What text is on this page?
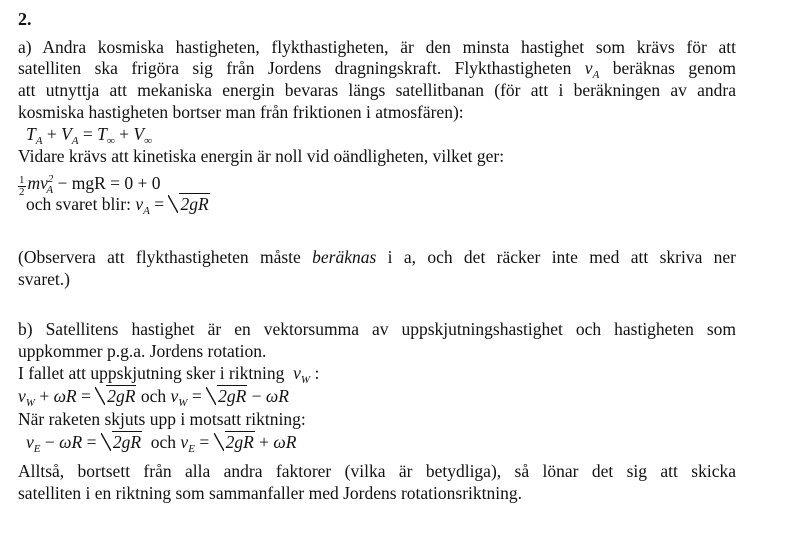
2.
a) Andra kosmiska hastigheten, flykthastigheten, är den minsta hastighet som krävs för att
satelliten ska frigöra sig från Jordens dragningskraft. Flykthastigheten $v_A$ beräknas genom
att utnyttja att mekaniska energin bevaras längs satellitbanan (för att i beräkningen av andra
kosmiska hastigheten bortser man från friktionen i atmosfären):
$T_A + V_A = T_\infty + V_\infty$
Vidare krävs att kinetiska energin är noll vid oändligheten, vilket ger:
$\frac{1}{2} mv^2_A$ − mgR = 0 + 0
och svaret blir: $v_A = 2gR$
(Observera att flykthastigheten måste beräknas i a, och det räcker inte med att skriva ner
svaret.)
b) Satellitens hastighet är en vektorsumma av uppskjutningshastighet och hastigheten som
uppkommer p.g.a. Jordens rotation.
I fallet att uppskjutning sker i riktning  $v_W$ :
$v_W + \omega R = 2gR$ och $v_W = 2gR - \omega R$
När raketen skjuts upp i motsatt riktning:
$v_E - \omega R = 2gR$ och $v_E = 2gR + \omega R$
Alltså, bortsett från alla andra faktorer (vilka är betydliga), så lönar det sig att skicka
satelliten i en riktning som sammanfaller med Jordens rotationsriktning.
